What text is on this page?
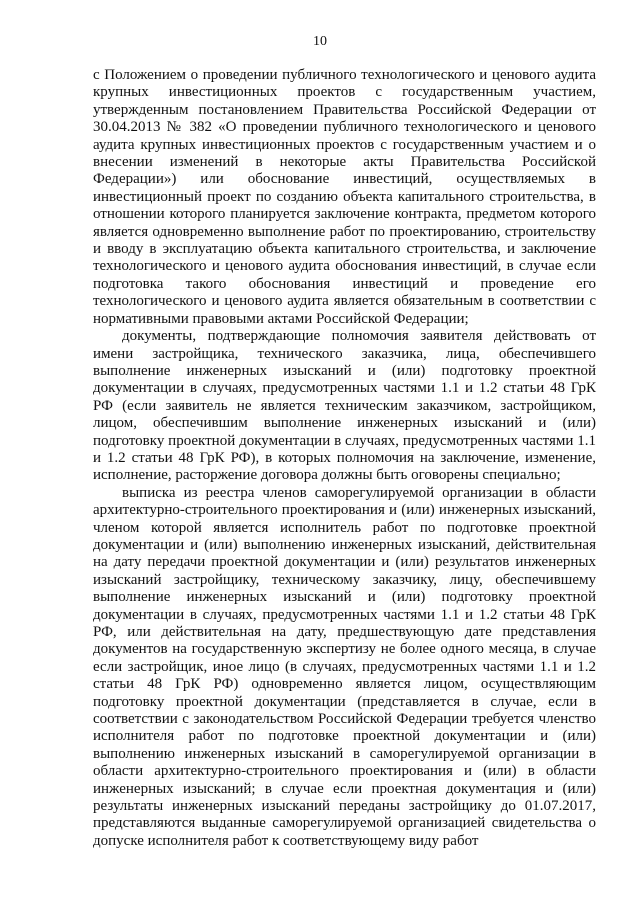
10

с Положением о проведении публичного технологического и ценового аудита крупных инвестиционных проектов с государственным участием, утвержденным постановлением Правительства Российской Федерации от 30.04.2013 № 382 «О проведении публичного технологического и ценового аудита крупных инвестиционных проектов с государственным участием и о внесении изменений в некоторые акты Правительства Российской Федерации») или обоснование инвестиций, осуществляемых в инвестиционный проект по созданию объекта капитального строительства, в отношении которого планируется заключение контракта, предметом которого является одновременно выполнение работ по проектированию, строительству и вводу в эксплуатацию объекта капитального строительства, и заключение технологического и ценового аудита обоснования инвестиций, в случае если подготовка такого обоснования инвестиций и проведение его технологического и ценового аудита является обязательным в соответствии с нормативными правовыми актами Российской Федерации;

документы, подтверждающие полномочия заявителя действовать от имени застройщика, технического заказчика, лица, обеспечившего выполнение инженерных изысканий и (или) подготовку проектной документации в случаях, предусмотренных частями 1.1 и 1.2 статьи 48 ГрК РФ (если заявитель не является техническим заказчиком, застройщиком, лицом, обеспечившим выполнение инженерных изысканий и (или) подготовку проектной документации в случаях, предусмотренных частями 1.1 и 1.2 статьи 48 ГрК РФ), в которых полномочия на заключение, изменение, исполнение, расторжение договора должны быть оговорены специально;

выписка из реестра членов саморегулируемой организации в области архитектурно-строительного проектирования и (или) инженерных изысканий, членом которой является исполнитель работ по подготовке проектной документации и (или) выполнению инженерных изысканий, действительная на дату передачи проектной документации и (или) результатов инженерных изысканий застройщику, техническому заказчику, лицу, обеспечившему выполнение инженерных изысканий и (или) подготовку проектной документации в случаях, предусмотренных частями 1.1 и 1.2 статьи 48 ГрК РФ, или действительная на дату, предшествующую дате представления документов на государственную экспертизу не более одного месяца, в случае если застройщик, иное лицо (в случаях, предусмотренных частями 1.1 и 1.2 статьи 48 ГрК РФ) одновременно является лицом, осуществляющим подготовку проектной документации (представляется в случае, если в соответствии с законодательством Российской Федерации требуется членство исполнителя работ по подготовке проектной документации и (или) выполнению инженерных изысканий в саморегулируемой организации в области архитектурно-строительного проектирования и (или) в области инженерных изысканий; в случае если проектная документация и (или) результаты инженерных изысканий переданы застройщику до 01.07.2017, представляются выданные саморегулируемой организацией свидетельства о допуске исполнителя работ к соответствующему виду работ
